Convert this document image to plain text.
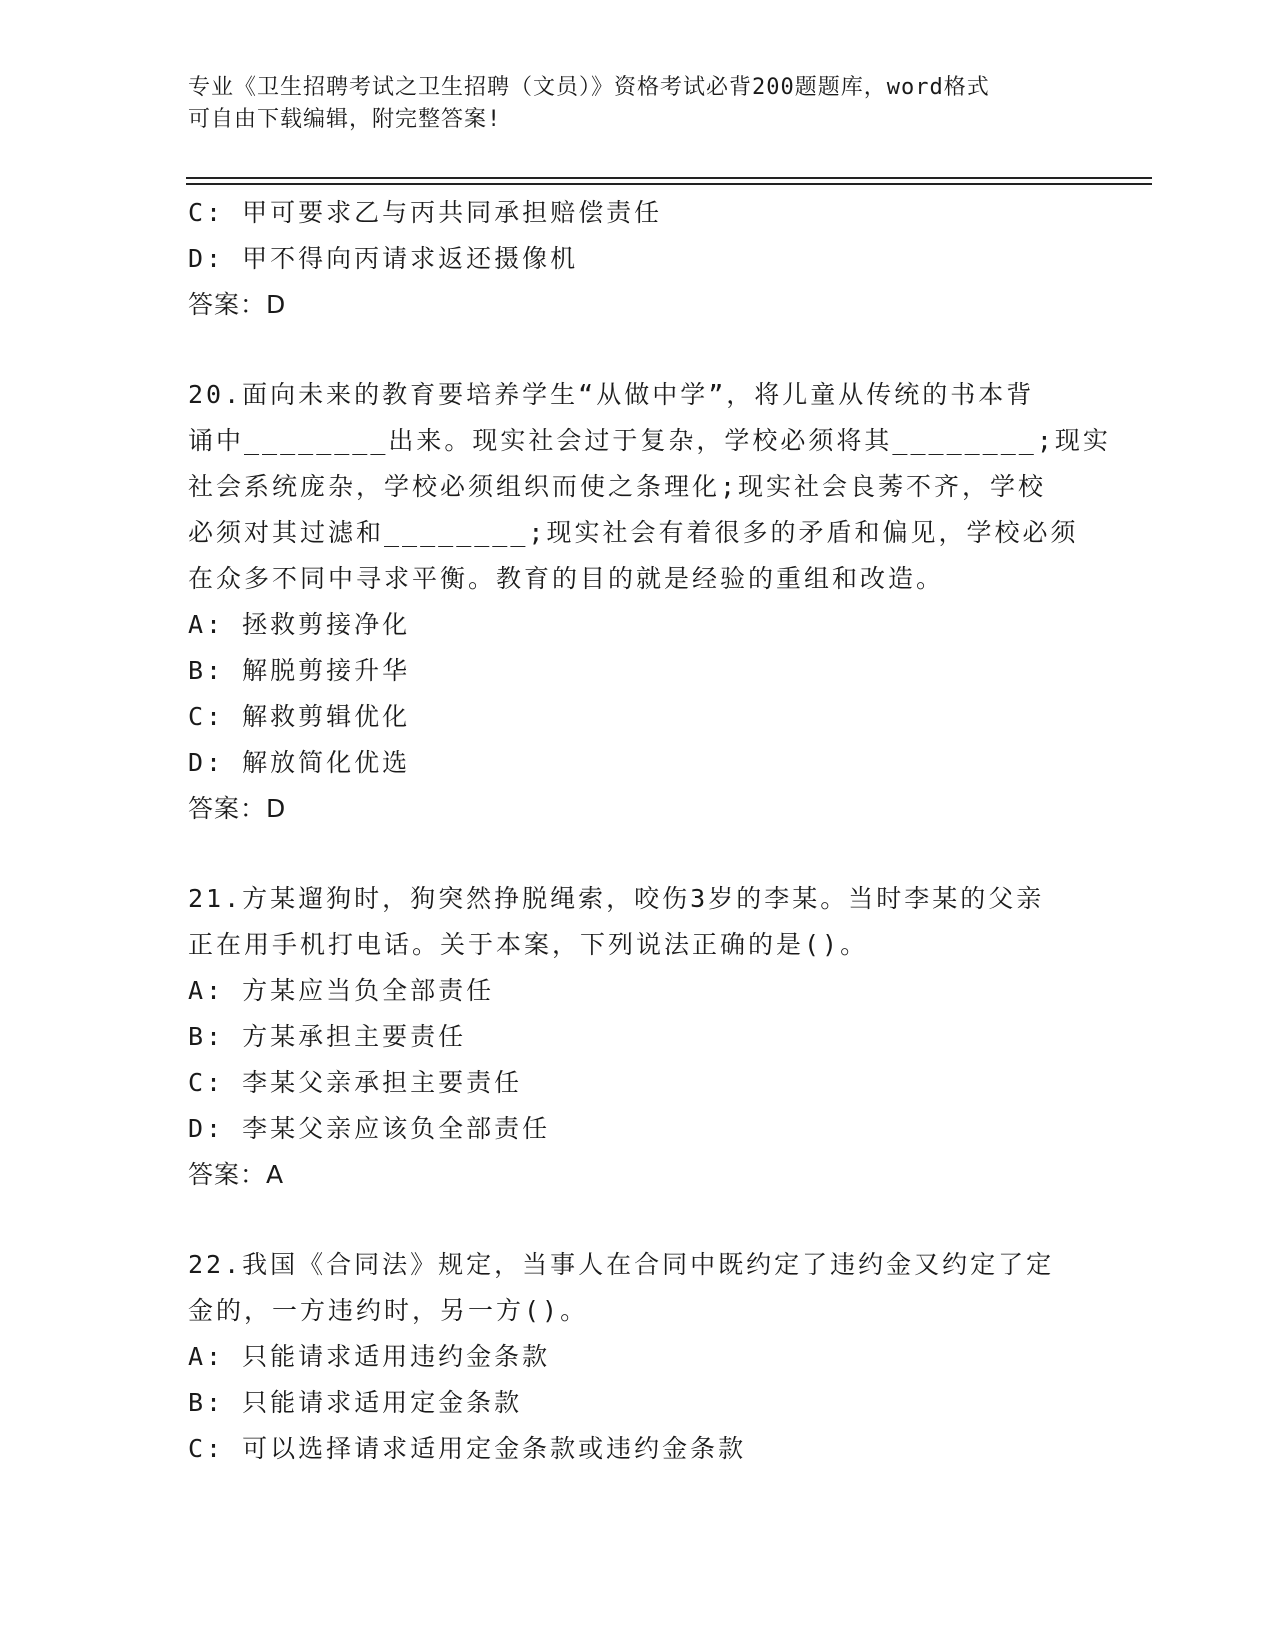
专业《卫生招聘考试之卫生招聘（文员）》资格考试必背200题题库，word格式
可自由下载编辑，附完整答案!
C: 甲可要求乙与丙共同承担赔偿责任
D: 甲不得向丙请求返还摄像机
答案：D
20.面向未来的教育要培养学生“从做中学”，将儿童从传统的书本背
诵中________出来。现实社会过于复杂，学校必须将其________;现实
社会系统庞杂，学校必须组织而使之条理化;现实社会良莠不齐，学校
必须对其过滤和________;现实社会有着很多的矛盾和偏见，学校必须
在众多不同中寻求平衡。教育的目的就是经验的重组和改造。
A: 拯救剪接净化
B: 解脱剪接升华
C: 解救剪辑优化
D: 解放简化优选
答案：D
21.方某遛狗时，狗突然挣脱绳索，咬伤3岁的李某。当时李某的父亲
正在用手机打电话。关于本案，下列说法正确的是()。
A: 方某应当负全部责任
B: 方某承担主要责任
C: 李某父亲承担主要责任
D: 李某父亲应该负全部责任
答案：A
22.我国《合同法》规定，当事人在合同中既约定了违约金又约定了定
金的，一方违约时，另一方()。
A: 只能请求适用违约金条款
B: 只能请求适用定金条款
C: 可以选择请求适用定金条款或违约金条款
